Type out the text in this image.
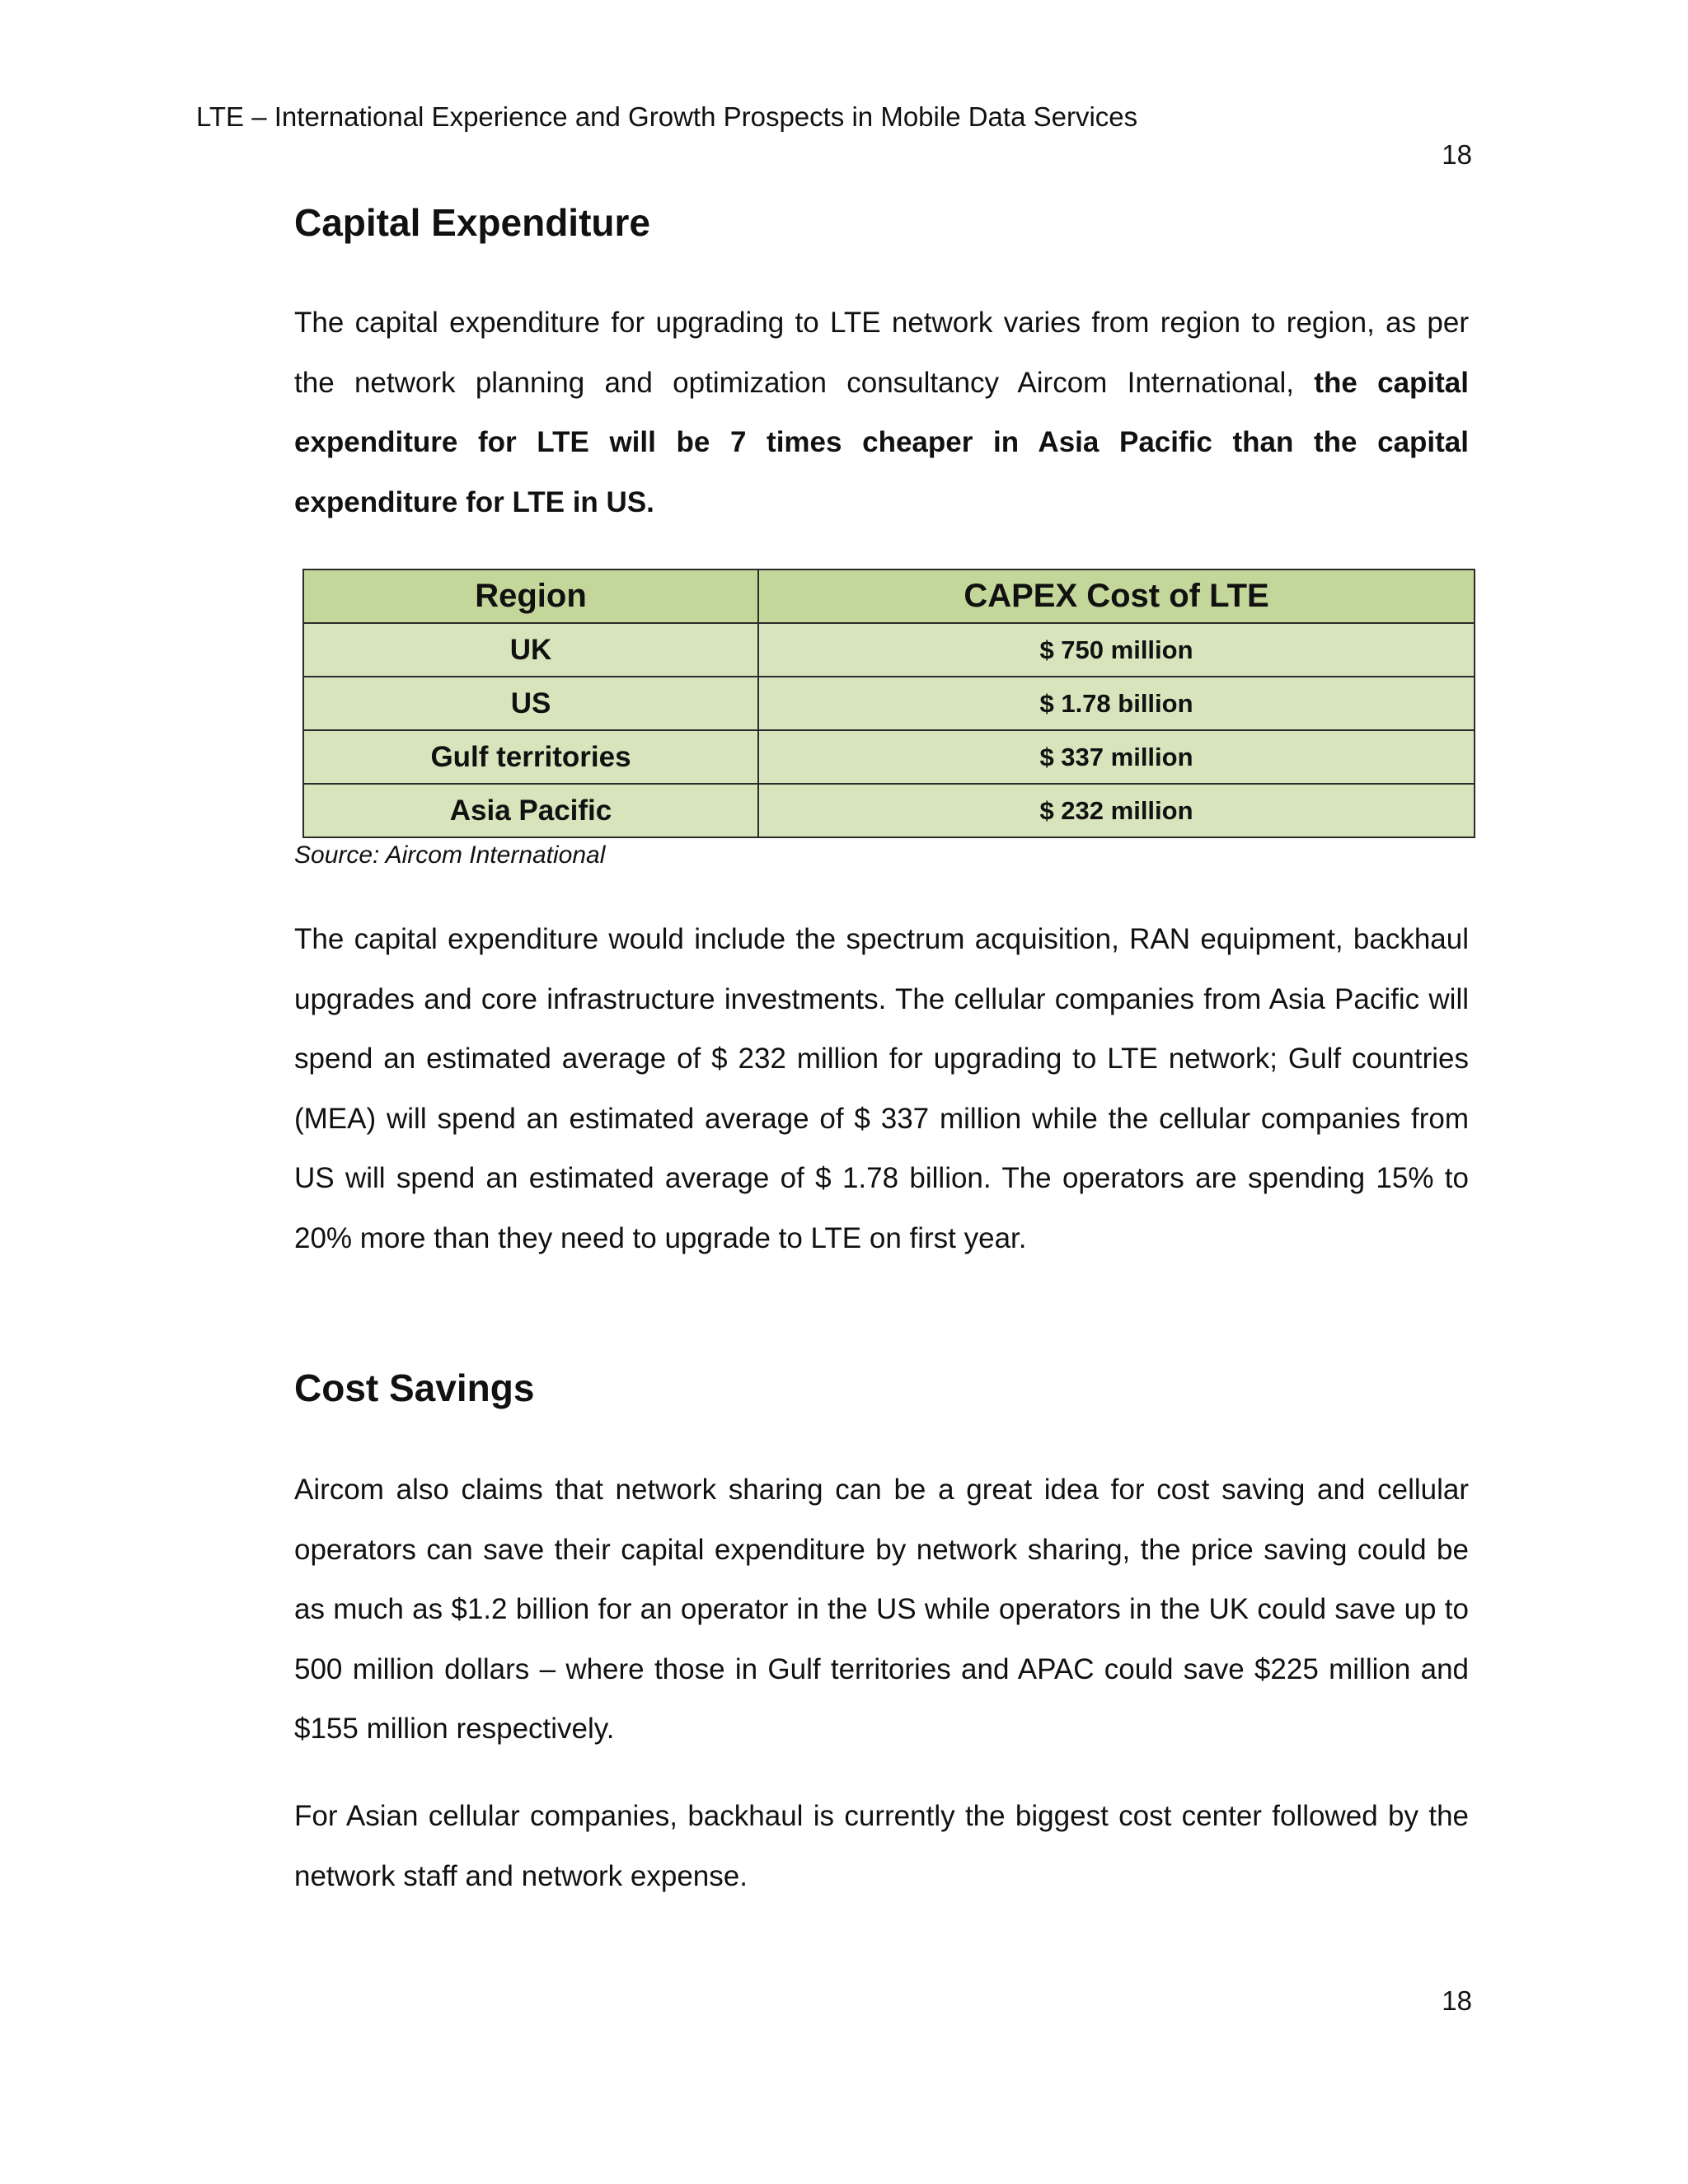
LTE – International Experience and Growth Prospects in Mobile Data Services
18
Capital Expenditure

The capital expenditure for upgrading to LTE network varies from region to region, as per the network planning and optimization consultancy Aircom International, the capital expenditure for LTE will be 7 times cheaper in Asia Pacific than the capital expenditure for LTE in US.

Region	CAPEX Cost of LTE
UK	$ 750 million
US	$ 1.78 billion
Gulf territories	$ 337 million
Asia Pacific	$ 232 million
Source: Aircom International

The capital expenditure would include the spectrum acquisition, RAN equipment, backhaul upgrades and core infrastructure investments. The cellular companies from Asia Pacific will spend an estimated average of $ 232 million for upgrading to LTE network; Gulf countries (MEA) will spend an estimated average of $ 337 million while the cellular companies from US will spend an estimated average of $ 1.78 billion. The operators are spending 15% to 20% more than they need to upgrade to LTE on first year.

Cost Savings

Aircom also claims that network sharing can be a great idea for cost saving and cellular operators can save their capital expenditure by network sharing, the price saving could be as much as $1.2 billion for an operator in the US while operators in the UK could save up to 500 million dollars – where those in Gulf territories and APAC could save $225 million and $155 million respectively.

For Asian cellular companies, backhaul is currently the biggest cost center followed by the network staff and network expense.

18
